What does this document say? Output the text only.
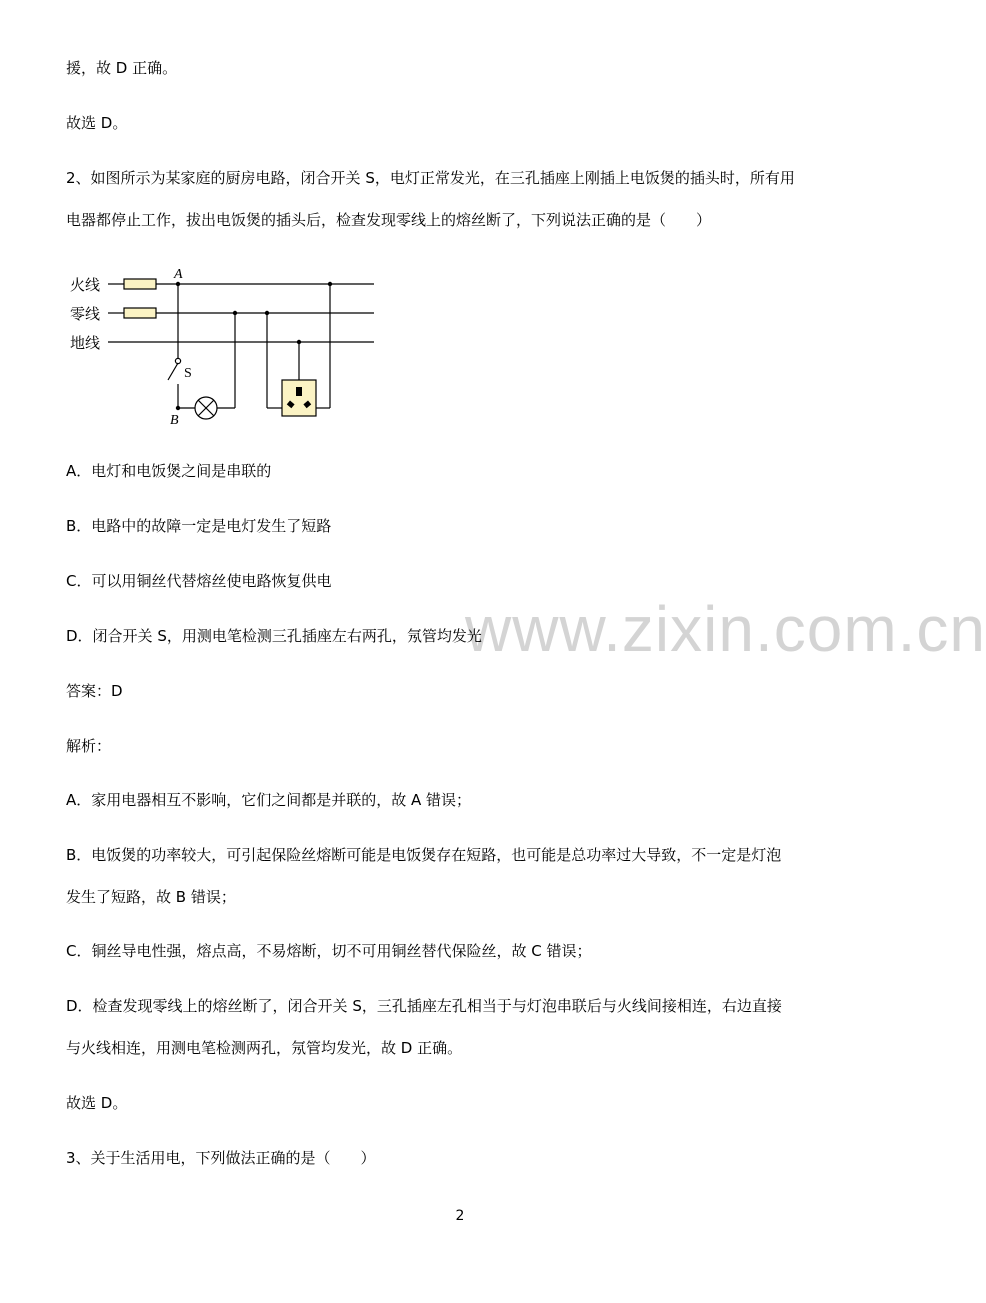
www.zixin.com.cn
援，故 D 正确。
故选 D。
2、如图所示为某家庭的厨房电路，闭合开关 S，电灯正常发光，在三孔插座上刚插上电饭煲的插头时，所有用
电器都停止工作，拔出电饭煲的插头后，检查发现零线上的熔丝断了，下列说法正确的是（　　）
火线
零线
地线
A
S
B
A．电灯和电饭煲之间是串联的
B．电路中的故障一定是电灯发生了短路
C．可以用铜丝代替熔丝使电路恢复供电
D．闭合开关 S，用测电笔检测三孔插座左右两孔，氖管均发光
答案：D
解析：
A．家用电器相互不影响，它们之间都是并联的，故 A 错误；
B．电饭煲的功率较大，可引起保险丝熔断可能是电饭煲存在短路，也可能是总功率过大导致，不一定是灯泡
发生了短路，故 B 错误；
C．铜丝导电性强，熔点高，不易熔断，切不可用铜丝替代保险丝，故 C 错误；
D．检查发现零线上的熔丝断了，闭合开关 S，三孔插座左孔相当于与灯泡串联后与火线间接相连，右边直接
与火线相连，用测电笔检测两孔，氖管均发光，故 D 正确。
故选 D。
3、关于生活用电，下列做法正确的是（　　）
2
